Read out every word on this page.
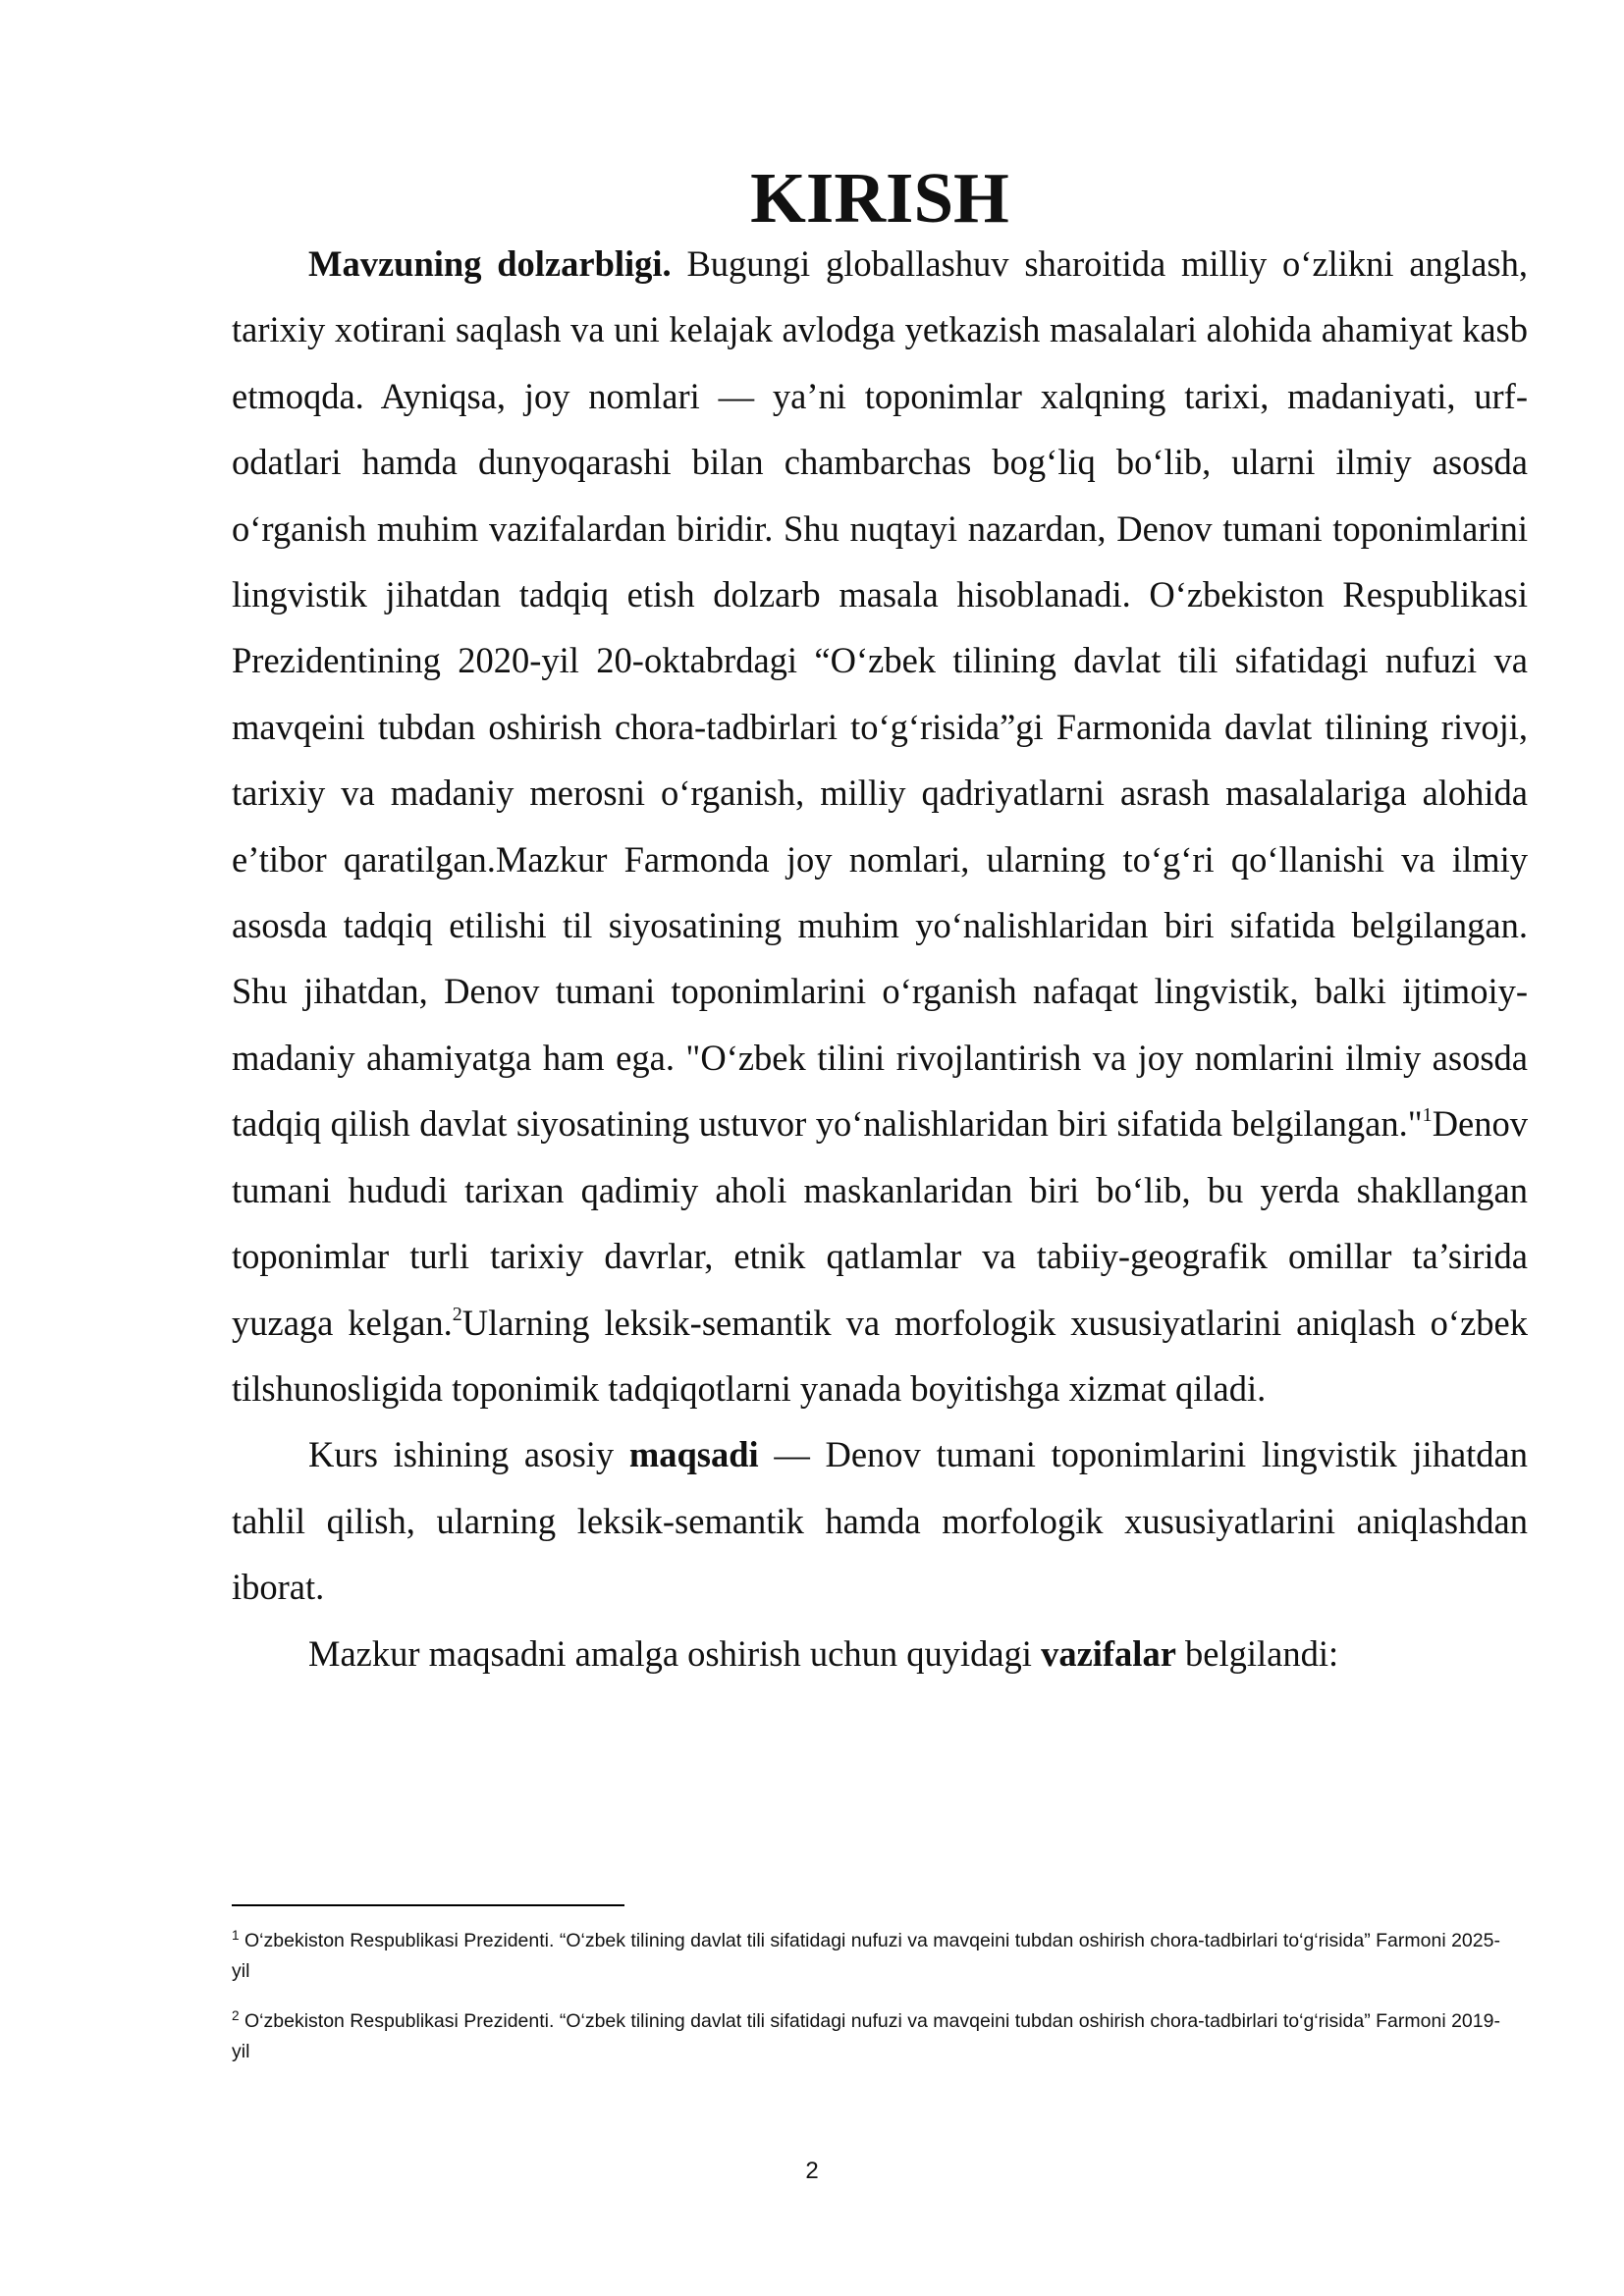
KIRISH

Mavzuning dolzarbligi. Bugungi globallashuv sharoitida milliy o‘zlikni anglash, tarixiy xotirani saqlash va uni kelajak avlodga yetkazish masalalari alohida ahamiyat kasb etmoqda. Ayniqsa, joy nomlari — ya’ni toponimlar xalqning tarixi, madaniyati, urf-odatlari hamda dunyoqarashi bilan chambarchas bog‘liq bo‘lib, ularni ilmiy asosda o‘rganish muhim vazifalardan biridir. Shu nuqtayi nazardan, Denov tumani toponimlarini lingvistik jihatdan tadqiq etish dolzarb masala hisoblanadi. O‘zbekiston Respublikasi Prezidentining 2020-yil 20-oktabrdagi “O‘zbek tilining davlat tili sifatidagi nufuzi va mavqeini tubdan oshirish chora-tadbirlari to‘g‘risida”gi Farmonida davlat tilining rivoji, tarixiy va madaniy merosni o‘rganish, milliy qadriyatlarni asrash masalalariga alohida e’tibor qaratilgan.Mazkur Farmonda joy nomlari, ularning to‘g‘ri qo‘llanishi va ilmiy asosda tadqiq etilishi til siyosatining muhim yo‘nalishlaridan biri sifatida belgilangan. Shu jihatdan, Denov tumani toponimlarini o‘rganish nafaqat lingvistik, balki ijtimoiy-madaniy ahamiyatga ham ega. "O‘zbek tilini rivojlantirish va joy nomlarini ilmiy asosda tadqiq qilish davlat siyosatining ustuvor yo‘nalishlaridan biri sifatida belgilangan."$^1$Denov tumani hududi tarixan qadimiy aholi maskanlaridan biri bo‘lib, bu yerda shakllangan toponimlar turli tarixiy davrlar, etnik qatlamlar va tabiiy-geografik omillar ta’sirida yuzaga kelgan.$^2$Ularning leksik-semantik va morfologik xususiyatlarini aniqlash o‘zbek tilshunosligida toponimik tadqiqotlarni yanada boyitishga xizmat qiladi.

Kurs ishining asosiy maqsadi — Denov tumani toponimlarini lingvistik jihatdan tahlil qilish, ularning leksik-semantik hamda morfologik xususiyatlarini aniqlashdan iborat.

Mazkur maqsadni amalga oshirish uchun quyidagi vazifalar belgilandi:

$^1$ O‘zbekiston Respublikasi Prezidenti. “O‘zbek tilining davlat tili sifatidagi nufuzi va mavqeini tubdan oshirish chora-tadbirlari to‘g‘risida” Farmoni 2025-yil

$^2$ O‘zbekiston Respublikasi Prezidenti. “O‘zbek tilining davlat tili sifatidagi nufuzi va mavqeini tubdan oshirish chora-tadbirlari to‘g‘risida” Farmoni 2019-yil

2
